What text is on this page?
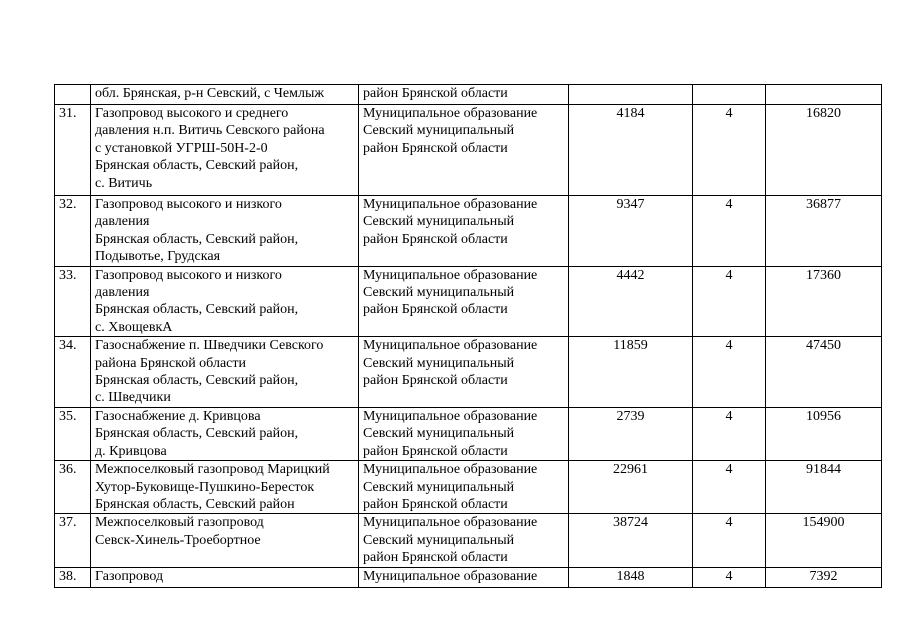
	обл. Брянская, р-н Севский, с Чемлыж	район Брянской области			
31.	Газопровод высокого и среднего
давления н.п. Витичь Севского района
с установкой УГРШ-50Н-2-0
Брянская область, Севский район,
с. Витичь	Муниципальное образование
Севский муниципальный
район Брянской области	4184	4	16820
32.	Газопровод высокого и низкого
давления
Брянская область, Севский район,
Подывотье, Грудская	Муниципальное образование
Севский муниципальный
район Брянской области	9347	4	36877
33.	Газопровод высокого и низкого
давления
Брянская область, Севский район,
с. ХвощевкА	Муниципальное образование
Севский муниципальный
район Брянской области	4442	4	17360
34.	Газоснабжение п. Шведчики Севского
района Брянской области
Брянская область, Севский район,
с. Шведчики	Муниципальное образование
Севский муниципальный
район Брянской области	11859	4	47450
35.	Газоснабжение д. Кривцова
Брянская область, Севский район,
д. Кривцова	Муниципальное образование
Севский муниципальный
район Брянской области	2739	4	10956
36.	Межпоселковый газопровод Марицкий
Хутор-Буковище-Пушкино-Бересток
Брянская область, Севский район	Муниципальное образование
Севский муниципальный
район Брянской области	22961	4	91844
37.	Межпоселковый газопровод
Севск-Хинель-Троебортное	Муниципальное образование
Севский муниципальный
район Брянской области	38724	4	154900
38.	Газопровод	Муниципальное образование	1848	4	7392
